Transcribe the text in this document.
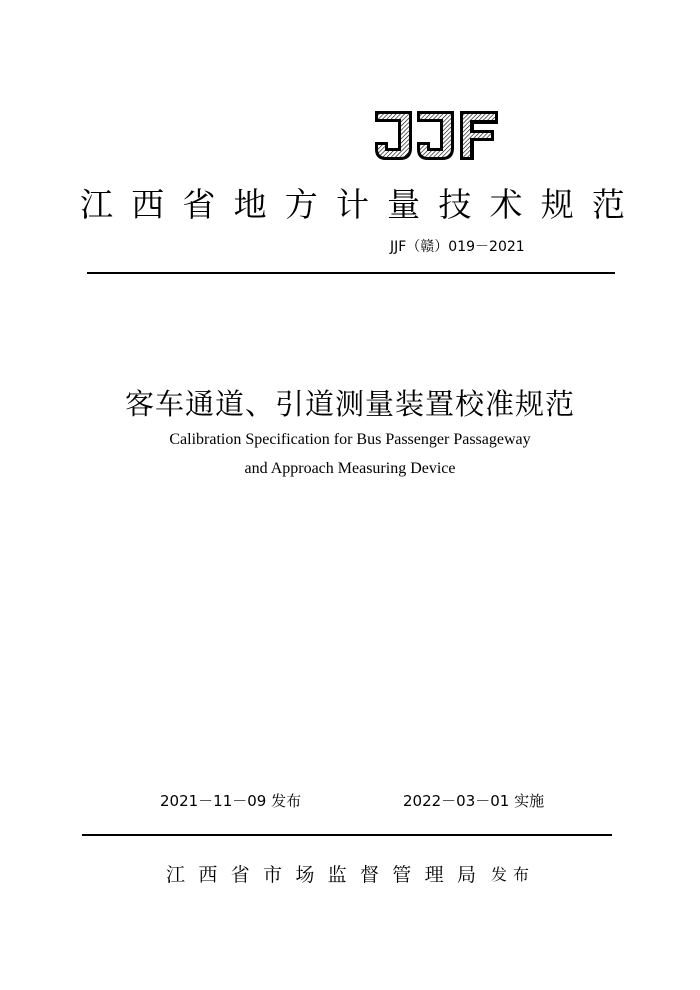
江 西 省 地 方 计 量 技 术 规 范
JJF（赣）019－2021
客车通道、引道测量装置校准规范
Calibration Specification for Bus Passenger Passageway
and Approach Measuring Device
2021－11－09 发布	2022－03－01 实施
江 西 省 市 场 监 督 管 理 局 发布
